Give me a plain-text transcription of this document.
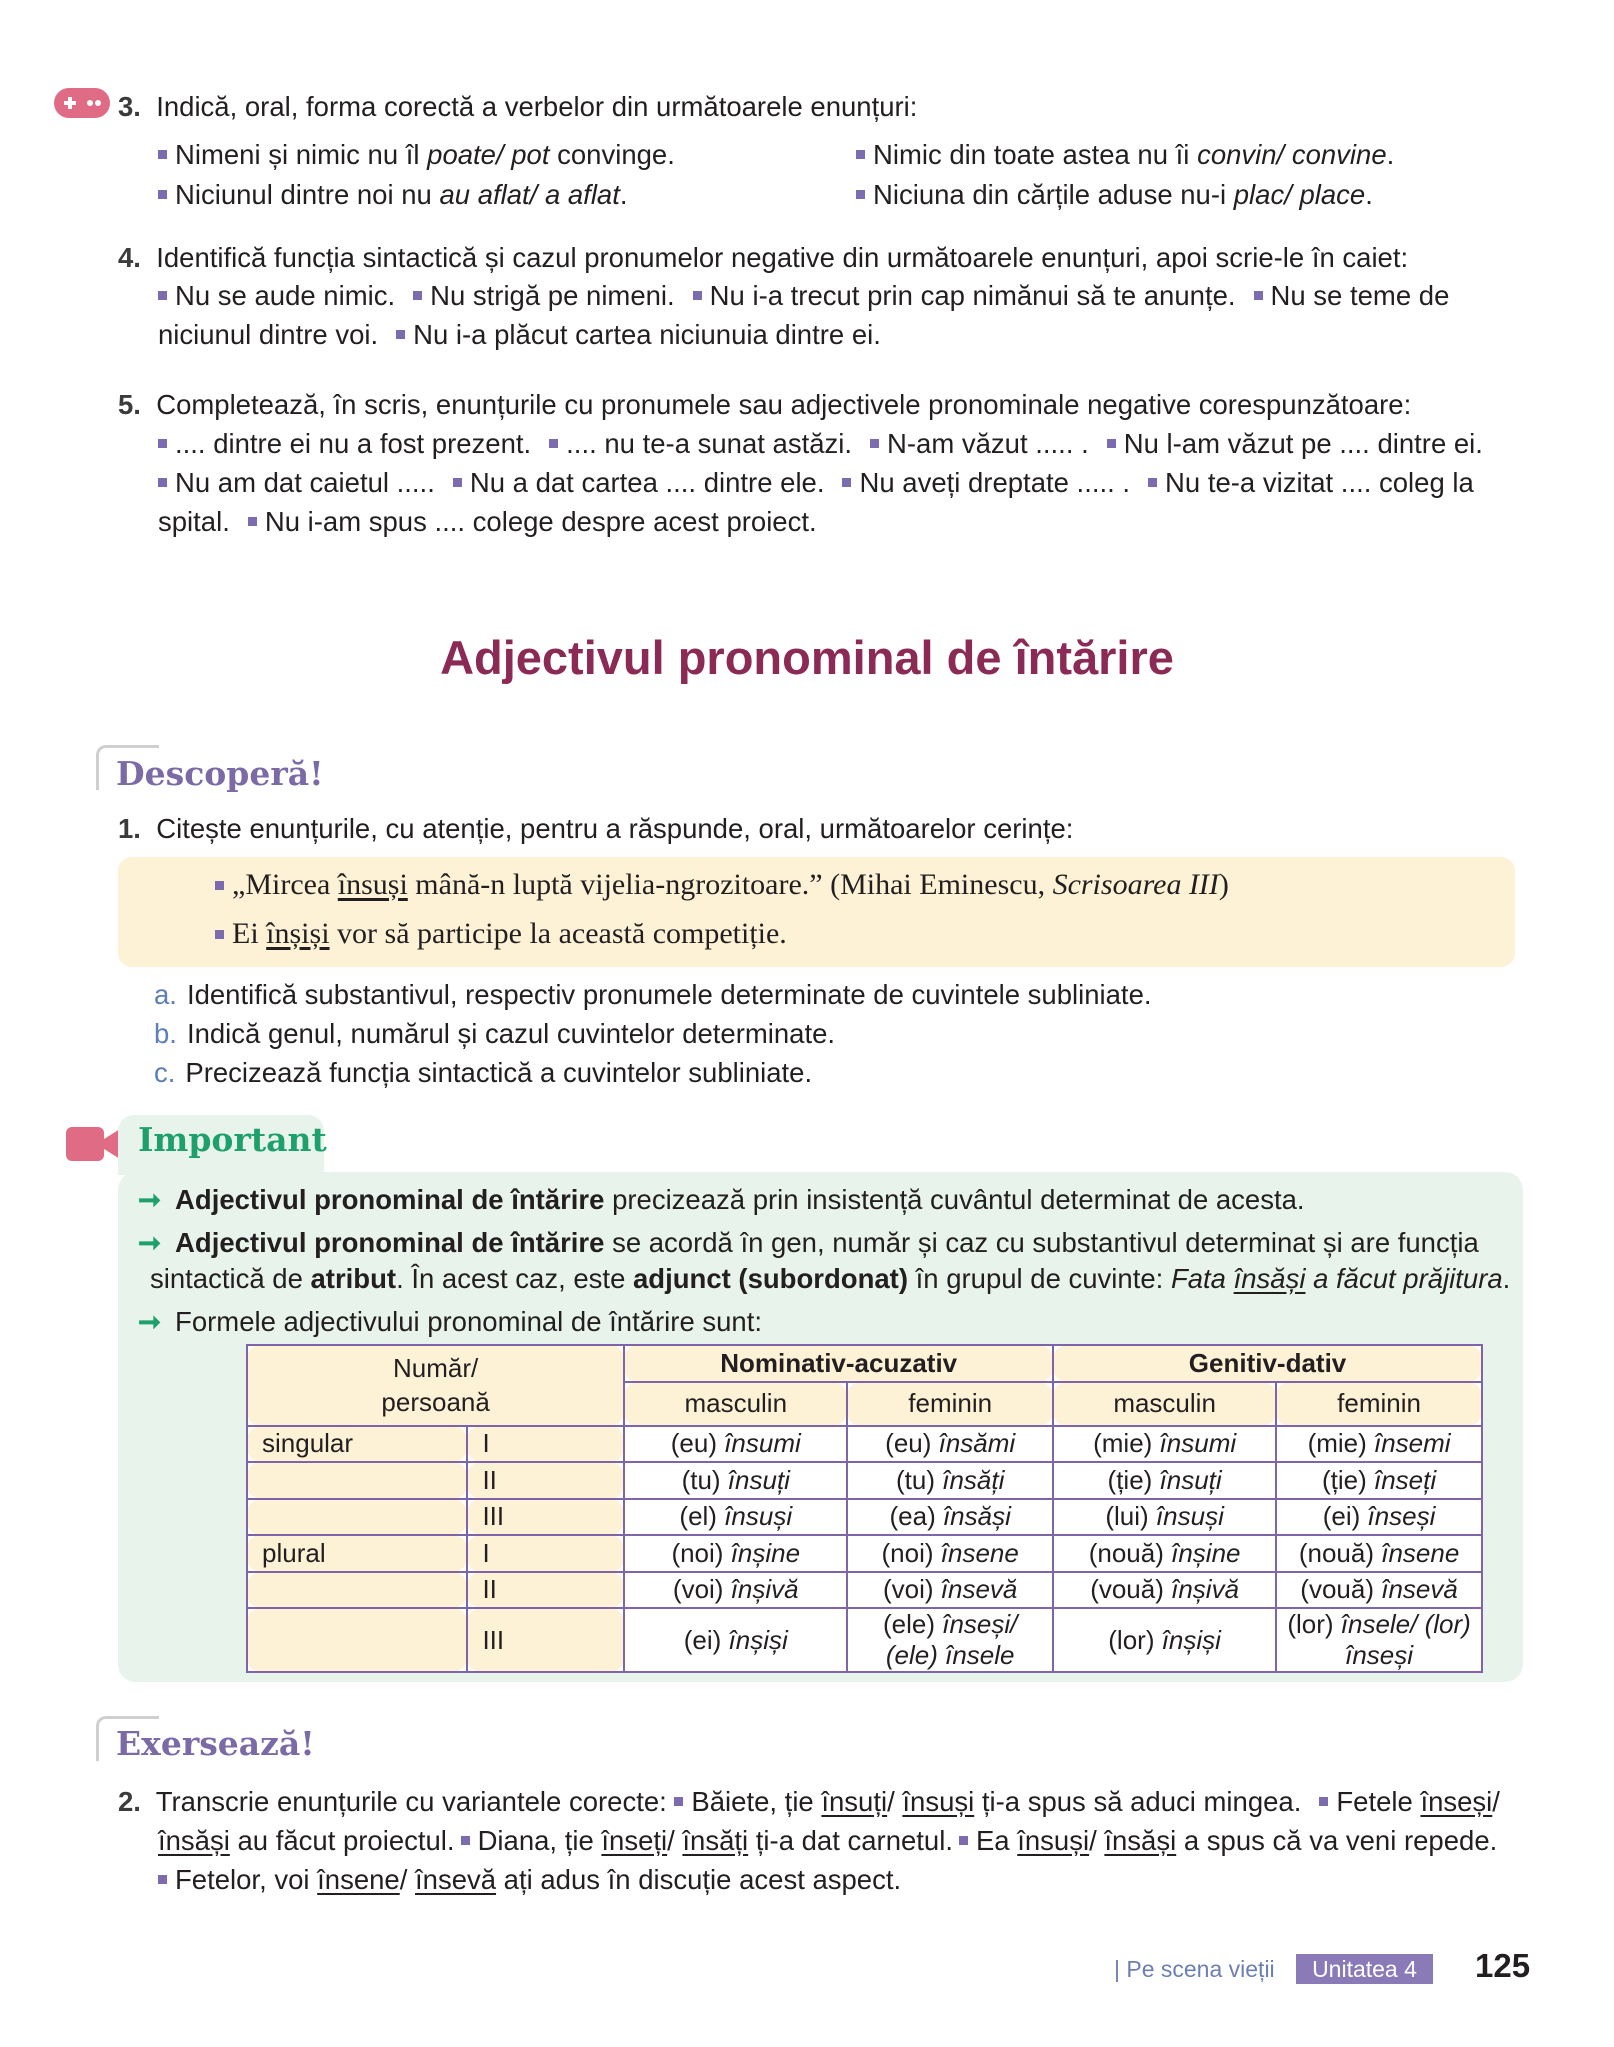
3. Indică, oral, forma corectă a verbelor din următoarele enunțuri:
Nimeni și nimic nu îl poate/ pot convinge.	Nimic din toate astea nu îi convin/ convine.
Niciunul dintre noi nu au aflat/ a aflat.	Niciuna din cărțile aduse nu-i plac/ place.
4. Identifică funcția sintactică și cazul pronumelor negative din următoarele enunțuri, apoi scrie-le în caiet:
Nu se aude nimic. Nu strigă pe nimeni. Nu i-a trecut prin cap nimănui să te anunțe. Nu se teme de
niciunul dintre voi. Nu i-a plăcut cartea niciunuia dintre ei.
5. Completează, în scris, enunțurile cu pronumele sau adjectivele pronominale negative corespunzătoare:
.... dintre ei nu a fost prezent. .... nu te-a sunat astăzi. N-am văzut ..... . Nu l-am văzut pe .... dintre ei.
Nu am dat caietul ..... Nu a dat cartea .... dintre ele. Nu aveți dreptate ..... . Nu te-a vizitat .... coleg la
spital. Nu i-am spus .... colege despre acest proiect.
Adjectivul pronominal de întărire
Descoperă!
1. Citește enunțurile, cu atenție, pentru a răspunde, oral, următoarelor cerințe:
„Mircea însuși mână-n luptă vijelia-ngrozitoare.” (Mihai Eminescu, Scrisoarea III)
Ei înșiși vor să participe la această competiție.
a. Identifică substantivul, respectiv pronumele determinate de cuvintele subliniate.
b. Indică genul, numărul și cazul cuvintelor determinate.
c. Precizează funcția sintactică a cuvintelor subliniate.
Important
➞ Adjectivul pronominal de întărire precizează prin insistență cuvântul determinat de acesta.
➞ Adjectivul pronominal de întărire se acordă în gen, număr și caz cu substantivul determinat și are funcția
sintactică de atribut. În acest caz, este adjunct (subordonat) în grupul de cuvinte: Fata însăși a făcut prăjitura.
➞ Formele adjectivului pronominal de întărire sunt:
Număr/
persoană		Nominativ-acuzativ		Genitiv-dativ	
		masculin	feminin	masculin	feminin
singular	I	(eu) însumi	(eu) însămi	(mie) însumi	(mie) însemi
	II	(tu) însuți	(tu) însăți	(ție) însuți	(ție) înseți
	III	(el) însuși	(ea) însăși	(lui) însuși	(ei) înseși
plural	I	(noi) înșine	(noi) însene	(nouă) înșine	(nouă) însene
	II	(voi) înșivă	(voi) însevă	(vouă) înșivă	(vouă) însevă
	III	(ei) înșiși	(ele) înseși/ (ele) însele	(lor) înșiși	(lor) însele/ (lor) înseși
Exersează!
2. Transcrie enunțurile cu variantele corecte: Băiete, ție însuți/ însuși ți-a spus să aduci mingea. Fetele înseși/
însăși au făcut proiectul. Diana, ție înseți/ însăți ți-a dat carnetul. Ea însuși/ însăși a spus că va veni repede.
Fetelor, voi însene/ însevă ați adus în discuție acest aspect.
| Pe scena vieții	Unitatea 4	125
